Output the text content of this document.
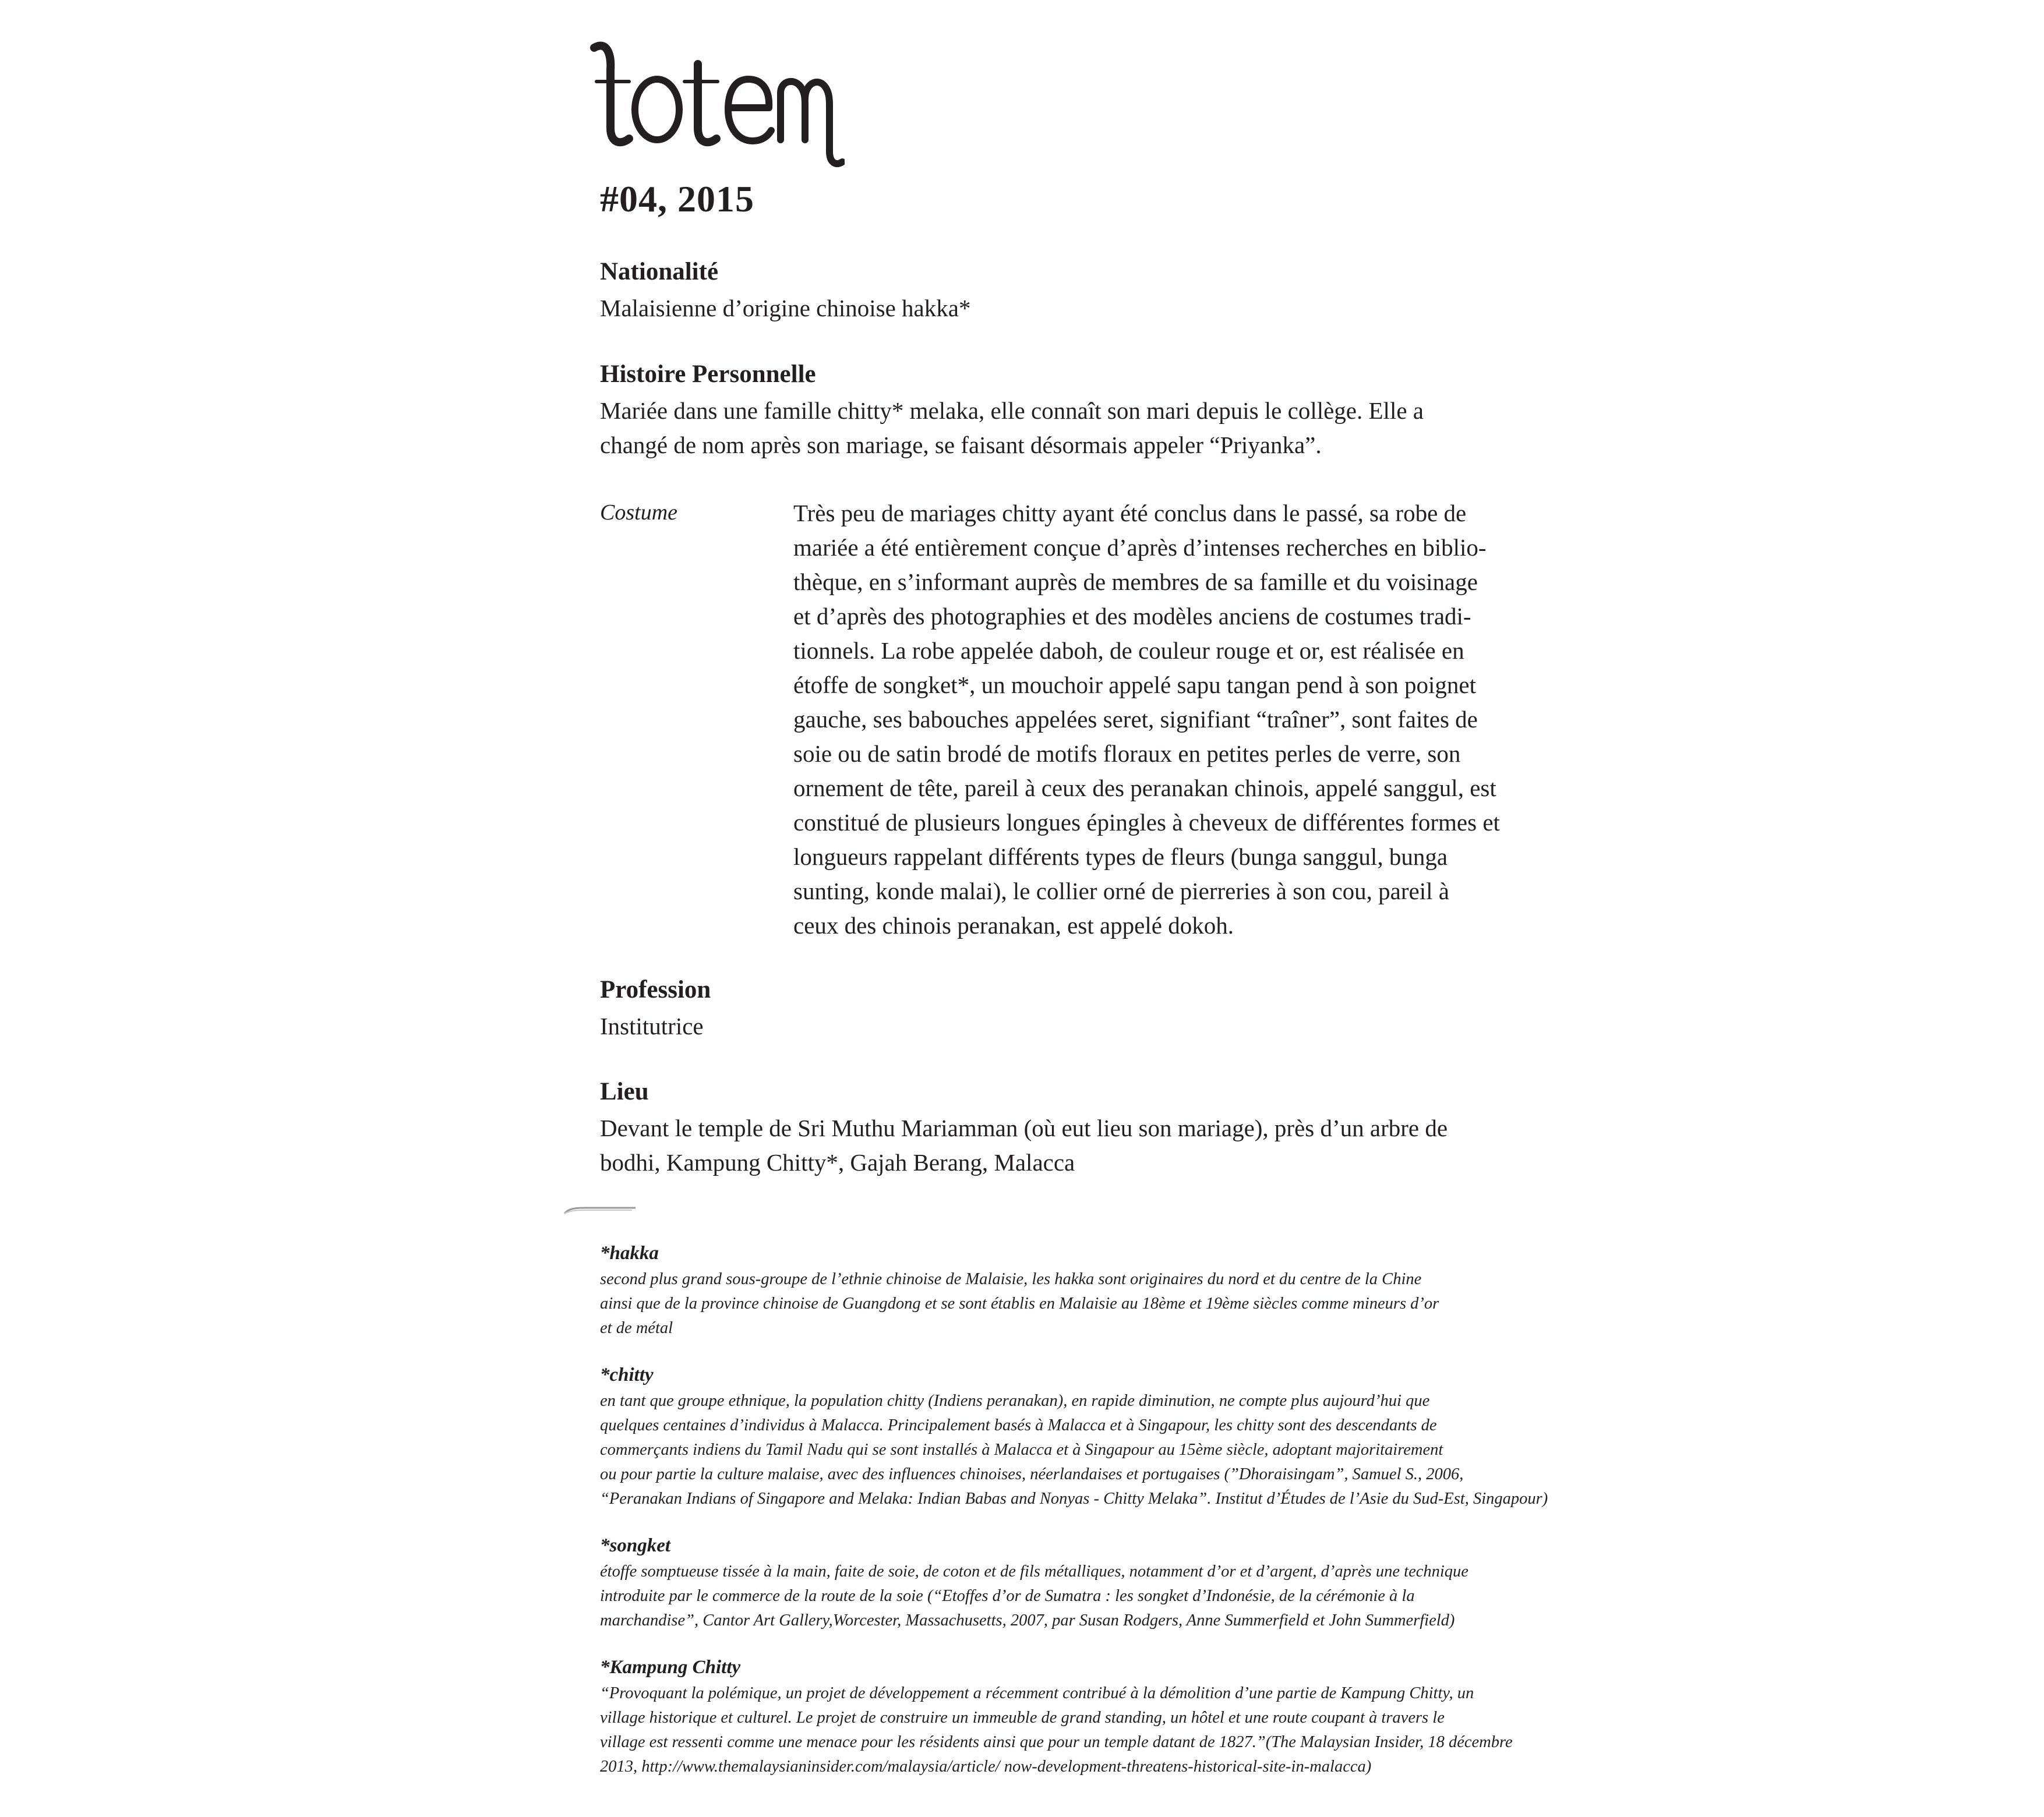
totem
#04, 2015
Nationalité
Malaisienne d’origine chinoise hakka*
Histoire Personnelle
Mariée dans une famille chitty* melaka, elle connaît son mari depuis le collège. Elle a
changé de nom après son mariage, se faisant désormais appeler “Priyanka”.
Costume	Très peu de mariages chitty ayant été conclus dans le passé, sa robe de
mariée a été entièrement conçue d’après d’intenses recherches en biblio-
thèque, en s’informant auprès de membres de sa famille et du voisinage
et d’après des photographies et des modèles anciens de costumes tradi-
tionnels. La robe appelée daboh, de couleur rouge et or, est réalisée en
étoffe de songket*, un mouchoir appelé sapu tangan pend à son poignet
gauche, ses babouches appelées seret, signifiant “traîner”, sont faites de
soie ou de satin brodé de motifs floraux en petites perles de verre, son
ornement de tête, pareil à ceux des peranakan chinois, appelé sanggul, est
constitué de plusieurs longues épingles à cheveux de différentes formes et
longueurs rappelant différents types de fleurs (bunga sanggul, bunga
sunting, konde malai), le collier orné de pierreries à son cou, pareil à
ceux des chinois peranakan, est appelé dokoh.
Profession
Institutrice
Lieu
Devant le temple de Sri Muthu Mariamman (où eut lieu son mariage), près d’un arbre de
bodhi, Kampung Chitty*, Gajah Berang, Malacca
*hakka
second plus grand sous-groupe de l’ethnie chinoise de Malaisie, les hakka sont originaires du nord et du centre de la Chine
ainsi que de la province chinoise de Guangdong et se sont établis en Malaisie au 18ème et 19ème siècles comme mineurs d’or
et de métal
*chitty
en tant que groupe ethnique, la population chitty (Indiens peranakan), en rapide diminution, ne compte plus aujourd’hui que
quelques centaines d’individus à Malacca. Principalement basés à Malacca et à Singapour, les chitty sont des descendants de
commerçants indiens du Tamil Nadu qui se sont installés à Malacca et à Singapour au 15ème siècle, adoptant majoritairement
ou pour partie la culture malaise, avec des influences chinoises, néerlandaises et portugaises (”Dhoraisingam”, Samuel S., 2006,
“Peranakan Indians of Singapore and Melaka: Indian Babas and Nonyas - Chitty Melaka”. Institut d’Études de l’Asie du Sud-Est, Singapour)
*songket
étoffe somptueuse tissée à la main, faite de soie, de coton et de fils métalliques, notamment d’or et d’argent, d’après une technique
introduite par le commerce de la route de la soie (“Etoffes d’or de Sumatra : les songket d’Indonésie, de la cérémonie à la
marchandise”, Cantor Art Gallery,Worcester, Massachusetts, 2007, par Susan Rodgers, Anne Summerfield et John Summerfield)
*Kampung Chitty
“Provoquant la polémique, un projet de développement a récemment contribué à la démolition d’une partie de Kampung Chitty, un
village historique et culturel. Le projet de construire un immeuble de grand standing, un hôtel et une route coupant à travers le
village est ressenti comme une menace pour les résidents ainsi que pour un temple datant de 1827.”(The Malaysian Insider, 18 décembre
2013, http://www.themalaysianinsider.com/malaysia/article/ now-development-threatens-historical-site-in-malacca)
